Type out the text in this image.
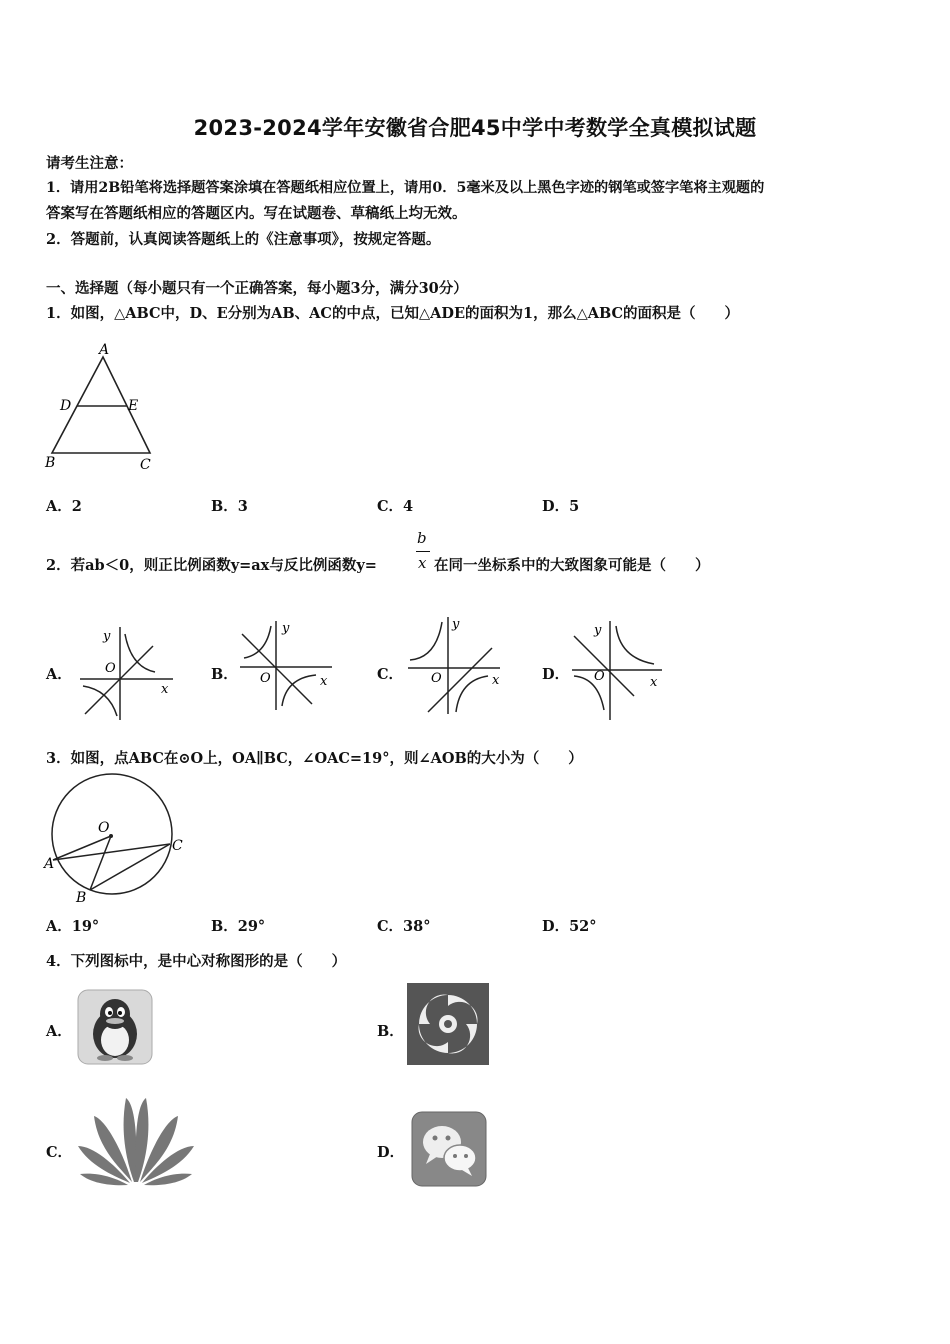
2023-2024学年安徽省合肥45中学中考数学全真模拟试题
请考生注意：
1．请用2B铅笔将选择题答案涂填在答题纸相应位置上，请用0．5毫米及以上黑色字迹的钢笔或签字笔将主观题的
答案写在答题纸相应的答题区内。写在试题卷、草稿纸上均无效。
2．答题前，认真阅读答题纸上的《注意事项》，按规定答题。
一、选择题（每小题只有一个正确答案，每小题3分，满分30分）
1．如图，△ABC中，D、E分别为AB、AC的中点，已知△ADE的面积为1，那么△ABC的面积是（　　）
A
D	E
B	C
A．2	B．3	C．4	D．5
2．若ab＜0，则正比例函数y=ax与反比例函数y=
b
x 在同一坐标系中的大致图象可能是（　　）
A．
y
O
x
B．
y
O	x	C．
y
O	x	D．
y
O	x
3．如图，点ABC在⊙O上，OA∥BC，∠OAC=19°，则∠AOB的大小为（　　）
O
A
B
C
A．19°	B．29°	C．38°	D．52°
4．下列图标中，是中心对称图形的是（　　）
A．	B．
C．	D．
